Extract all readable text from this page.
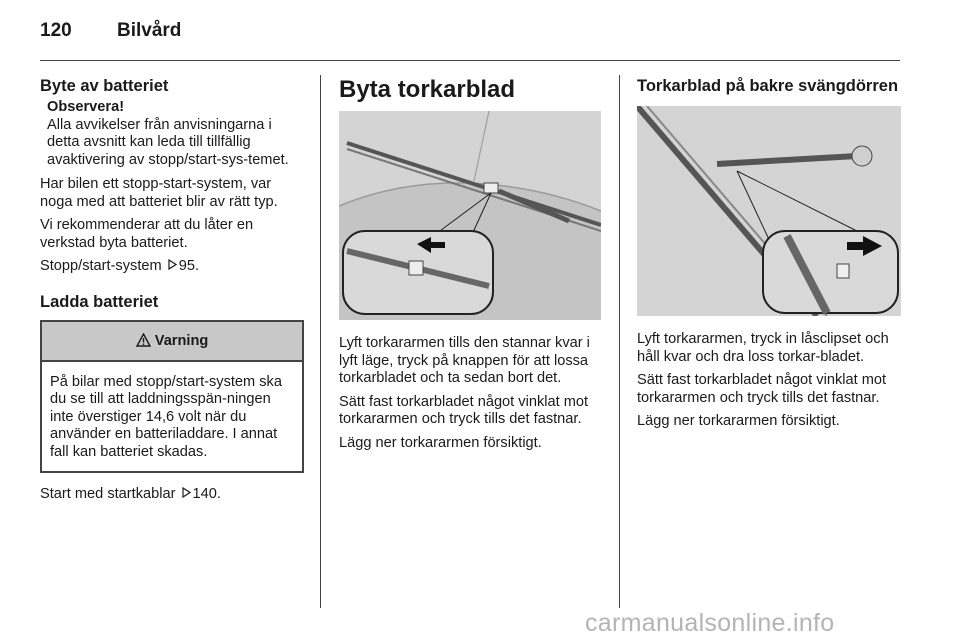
120 Bilvård
Byte av batteriet

Observera!

Alla avvikelser från anvisningarna i detta avsnitt kan leda till tillfällig avaktivering av stopp/start-sys-temet.

Har bilen ett stopp-start-system, var noga med att batteriet blir av rätt typ.

Vi rekommenderar att du låter en verkstad byta batteriet.

Stopp/start-system 95.

Ladda batteriet
Varning

På bilar med stopp/start-system ska du se till att laddningsspän-ningen inte överstiger 14,6 volt när du använder en batteriladdare. I annat fall kan batteriet skadas.

Start med startkablar 140.

Byta torkarblad

Lyft torkararmen tills den stannar kvar i lyft läge, tryck på knappen för att lossa torkarbladet och ta sedan bort det.

Sätt fast torkarbladet något vinklat mot torkararmen och tryck tills det fastnar.

Lägg ner torkararmen försiktigt.

Torkarblad på bakre svängdörren

Lyft torkararmen, tryck in låsclipset och håll kvar och dra loss torkar-bladet.

Sätt fast torkarbladet något vinklat mot torkararmen och tryck tills det fastnar.

Lägg ner torkararmen försiktigt.

carmanualsonline.info
